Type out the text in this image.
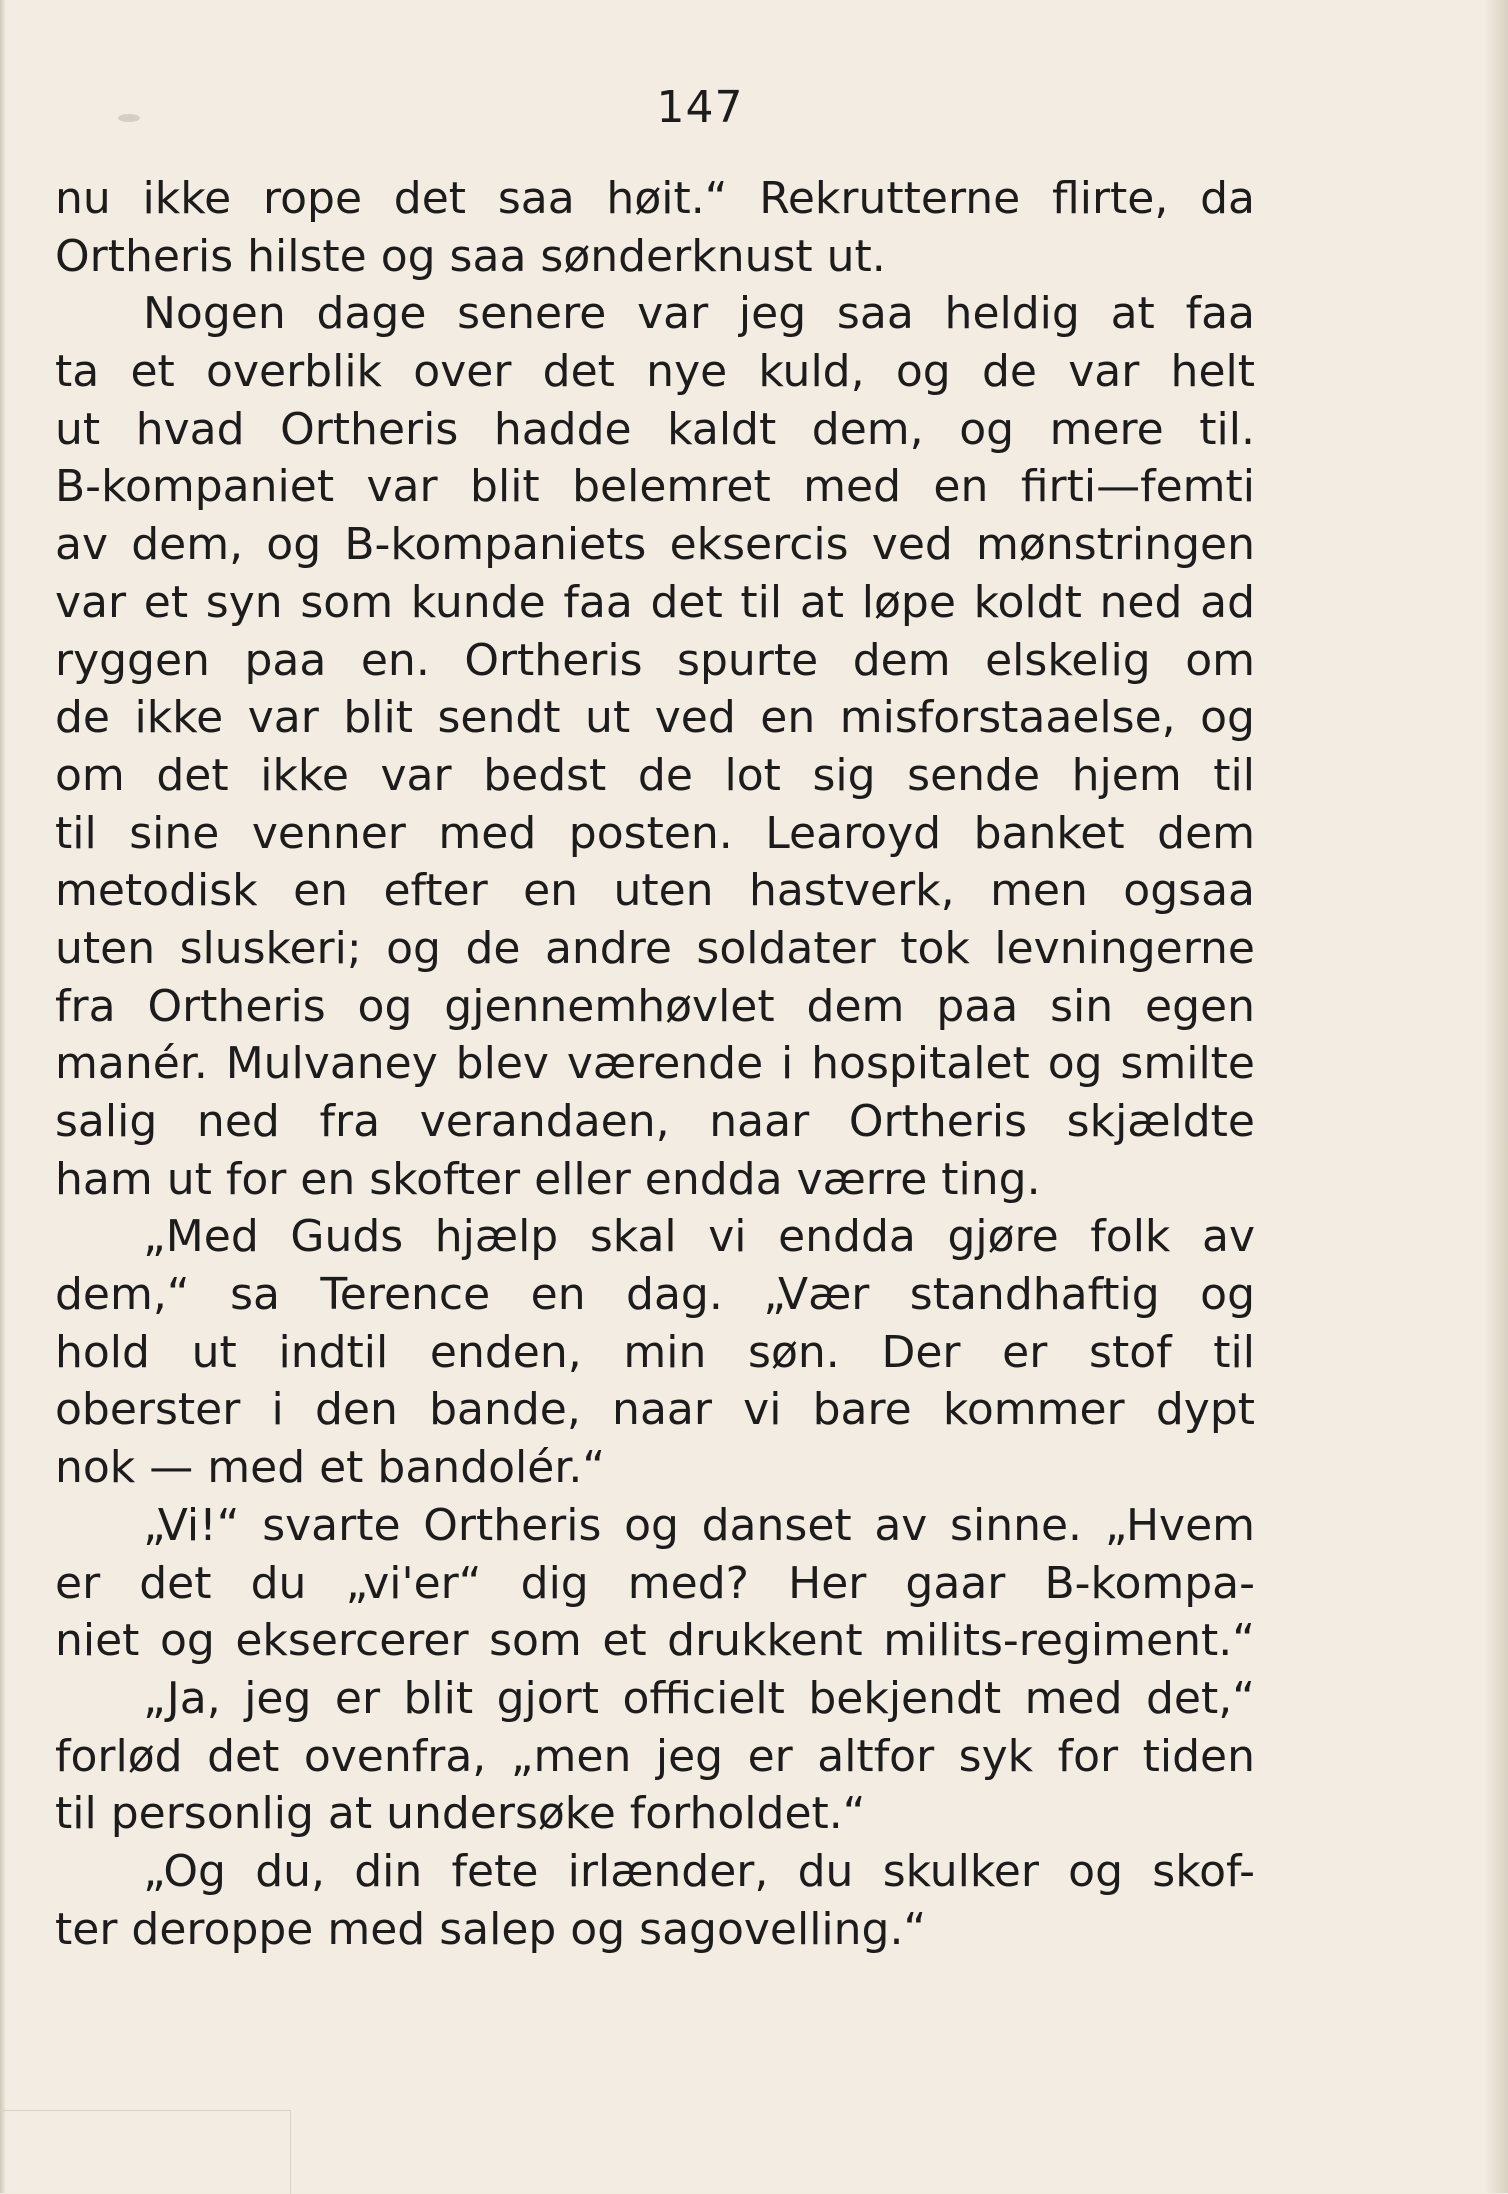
147
nu ikke rope det saa høit.“ Rekrutterne flirte, da
Ortheris hilste og saa sønderknust ut.
Nogen dage senere var jeg saa heldig at faa
ta et overblik over det nye kuld, og de var helt
ut hvad Ortheris hadde kaldt dem, og mere til.
B-kompaniet var blit belemret med en firti—femti
av dem, og B-kompaniets eksercis ved mønstringen
var et syn som kunde faa det til at løpe koldt ned ad
ryggen paa en. Ortheris spurte dem elskelig om
de ikke var blit sendt ut ved en misforstaaelse, og
om det ikke var bedst de lot sig sende hjem til
til sine venner med posten. Learoyd banket dem
metodisk en efter en uten hastverk, men ogsaa
uten sluskeri; og de andre soldater tok levningerne
fra Ortheris og gjennemhøvlet dem paa sin egen
manér. Mulvaney blev værende i hospitalet og smilte
salig ned fra verandaen, naar Ortheris skjældte
ham ut for en skofter eller endda værre ting.
„Med Guds hjælp skal vi endda gjøre folk av
dem,“ sa Terence en dag. „Vær standhaftig og
hold ut indtil enden, min søn. Der er stof til
oberster i den bande, naar vi bare kommer dypt
nok — med et bandolér.“
„Vi!“ svarte Ortheris og danset av sinne. „Hvem
er det du „vi'er“ dig med? Her gaar B-kompa-
niet og eksercerer som et drukkent milits-regiment.“
„Ja, jeg er blit gjort officielt bekjendt med det,“
forlød det ovenfra, „men jeg er altfor syk for tiden
til personlig at undersøke forholdet.“
„Og du, din fete irlænder, du skulker og skof-
ter deroppe med salep og sagovelling.“
